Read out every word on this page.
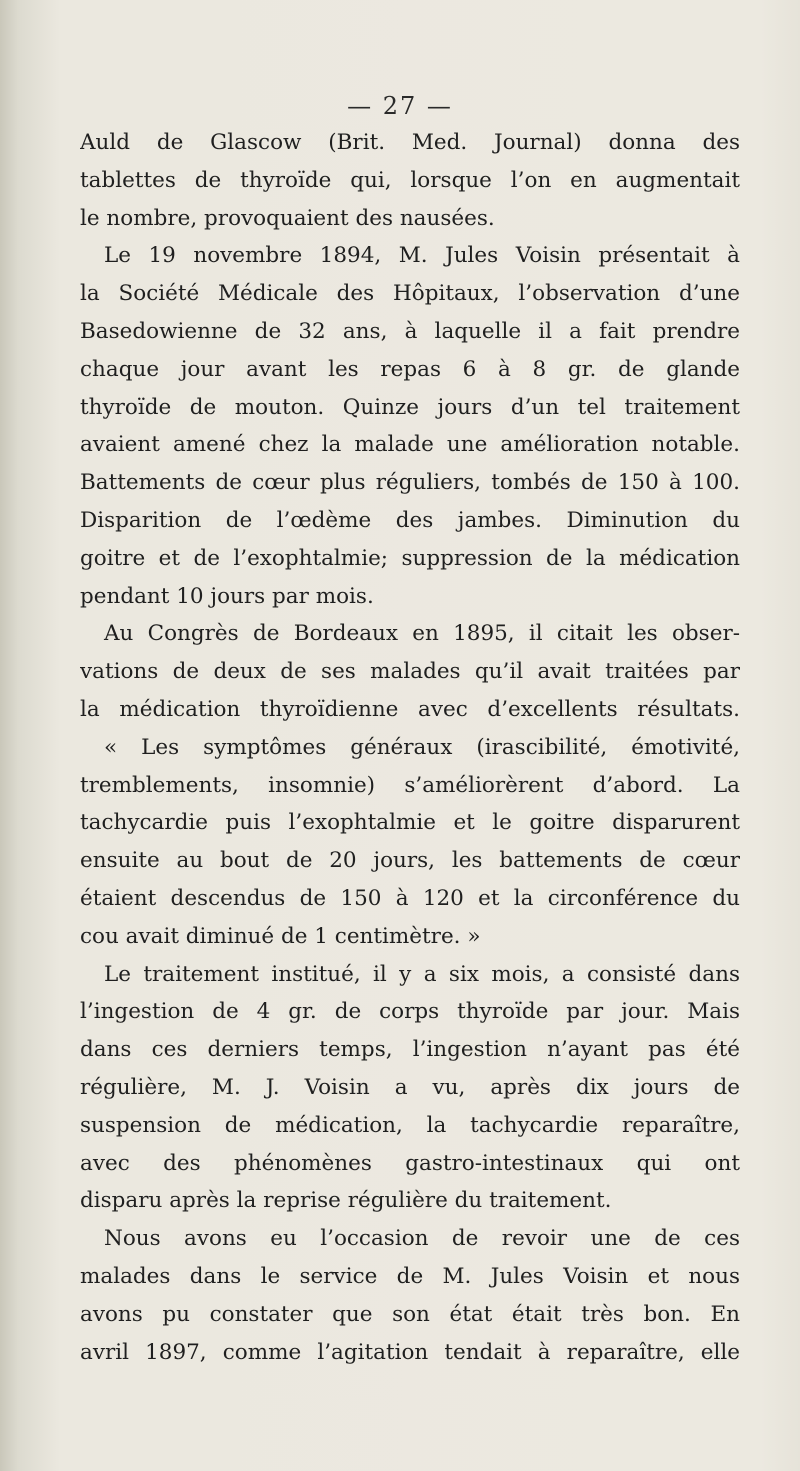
— 27 —
Auld de Glascow (Brit. Med. Journal) donna des
tablettes de thyroïde qui, lorsque l’on en augmentait
le nombre, provoquaient des nausées.
Le 19 novembre 1894, M. Jules Voisin présentait à
la Société Médicale des Hôpitaux, l’observation d’une
Basedowienne de 32 ans, à laquelle il a fait prendre
chaque jour avant les repas 6 à 8 gr. de glande
thyroïde de mouton. Quinze jours d’un tel traitement
avaient amené chez la malade une amélioration notable.
Battements de cœur plus réguliers, tombés de 150 à 100.
Disparition de l’œdème des jambes. Diminution du
goitre et de l’exophtalmie; suppression de la médication
pendant 10 jours par mois.
Au Congrès de Bordeaux en 1895, il citait les obser-
vations de deux de ses malades qu’il avait traitées par
la médication thyroïdienne avec d’excellents résultats.
« Les symptômes généraux (irascibilité, émotivité,
tremblements, insomnie) s’améliorèrent d’abord. La
tachycardie puis l’exophtalmie et le goitre disparurent
ensuite au bout de 20 jours, les battements de cœur
étaient descendus de 150 à 120 et la circonférence du
cou avait diminué de 1 centimètre. »
Le traitement institué, il y a six mois, a consisté dans
l’ingestion de 4 gr. de corps thyroïde par jour. Mais
dans ces derniers temps, l’ingestion n’ayant pas été
régulière, M. J. Voisin a vu, après dix jours de
suspension de médication, la tachycardie reparaître,
avec des phénomènes gastro-intestinaux qui ont
disparu après la reprise régulière du traitement.
Nous avons eu l’occasion de revoir une de ces
malades dans le service de M. Jules Voisin et nous
avons pu constater que son état était très bon. En
avril 1897, comme l’agitation tendait à reparaître, elle
